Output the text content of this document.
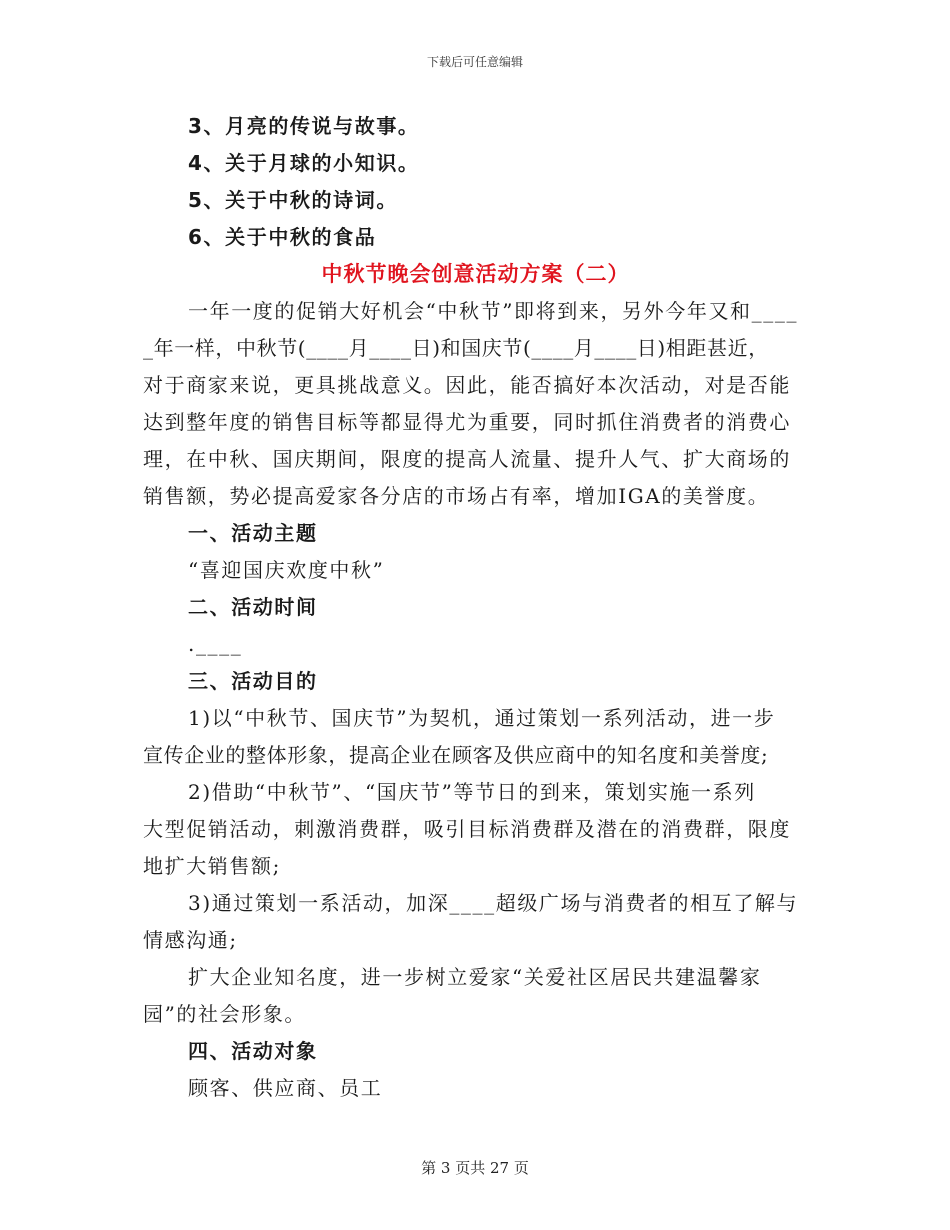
下载后可任意编辑
3、月亮的传说与故事。
4、关于月球的小知识。
5、关于中秋的诗词。
6、关于中秋的食品
中秋节晚会创意活动方案（二）
一年一度的促销大好机会“中秋节”即将到来，另外今年又和____
_年一样，中秋节(____月____日)和国庆节(____月____日)相距甚近，
对于商家来说，更具挑战意义。因此，能否搞好本次活动，对是否能
达到整年度的销售目标等都显得尤为重要，同时抓住消费者的消费心
理，在中秋、国庆期间，限度的提高人流量、提升人气、扩大商场的
销售额，势必提高爱家各分店的市场占有率，增加IGA的美誉度。
一、活动主题
“喜迎国庆欢度中秋”
二、活动时间
.____
三、活动目的
1)以“中秋节、国庆节”为契机，通过策划一系列活动，进一步
宣传企业的整体形象，提高企业在顾客及供应商中的知名度和美誉度;
2)借助“中秋节”、“国庆节”等节日的到来，策划实施一系列
大型促销活动，刺激消费群，吸引目标消费群及潜在的消费群，限度
地扩大销售额;
3)通过策划一系活动，加深____超级广场与消费者的相互了解与
情感沟通;
扩大企业知名度，进一步树立爱家“关爱社区居民共建温馨家
园”的社会形象。
四、活动对象
顾客、供应商、员工
第 3 页共 27 页
